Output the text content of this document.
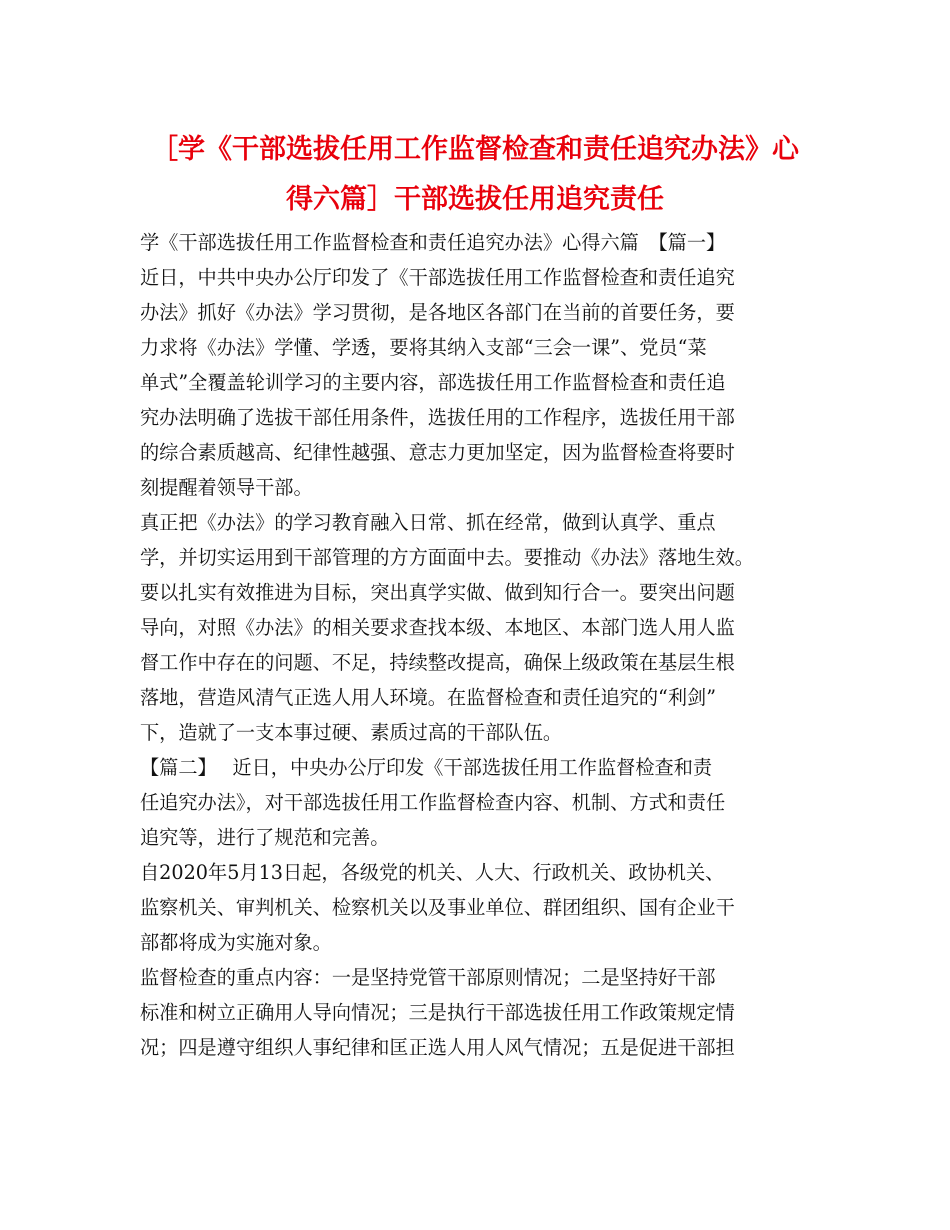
［学《干部选拔任用工作监督检查和责任追究办法》心
得六篇］干部选拔任用追究责任
学《干部选拔任用工作监督检查和责任追究办法》心得六篇　【篇一】
近日，中共中央办公厅印发了《干部选拔任用工作监督检查和责任追究
办法》抓好《办法》学习贯彻，是各地区各部门在当前的首要任务，要
力求将《办法》学懂、学透，要将其纳入支部“三会一课”、党员“菜
单式”全覆盖轮训学习的主要内容，部选拔任用工作监督检查和责任追
究办法明确了选拔干部任用条件，选拔任用的工作程序，选拔任用干部
的综合素质越高、纪律性越强、意志力更加坚定，因为监督检查将要时
刻提醒着领导干部。
真正把《办法》的学习教育融入日常、抓在经常，做到认真学、重点
学，并切实运用到干部管理的方方面面中去。要推动《办法》落地生效。
要以扎实有效推进为目标，突出真学实做、做到知行合一。要突出问题
导向，对照《办法》的相关要求查找本级、本地区、本部门选人用人监
督工作中存在的问题、不足，持续整改提高，确保上级政策在基层生根
落地，营造风清气正选人用人环境。在监督检查和责任追究的“利剑”
下，造就了一支本事过硬、素质过高的干部队伍。
【篇二】　 近日，中央办公厅印发《干部选拔任用工作监督检查和责
任追究办法》，对干部选拔任用工作监督检查内容、机制、方式和责任
追究等，进行了规范和完善。
自2020年5月13日起，各级党的机关、人大、行政机关、政协机关、
监察机关、审判机关、检察机关以及事业单位、群团组织、国有企业干
部都将成为实施对象。
监督检查的重点内容：一是坚持党管干部原则情况；二是坚持好干部
标准和树立正确用人导向情况；三是执行干部选拔任用工作政策规定情
况；四是遵守组织人事纪律和匡正选人用人风气情况；五是促进干部担
